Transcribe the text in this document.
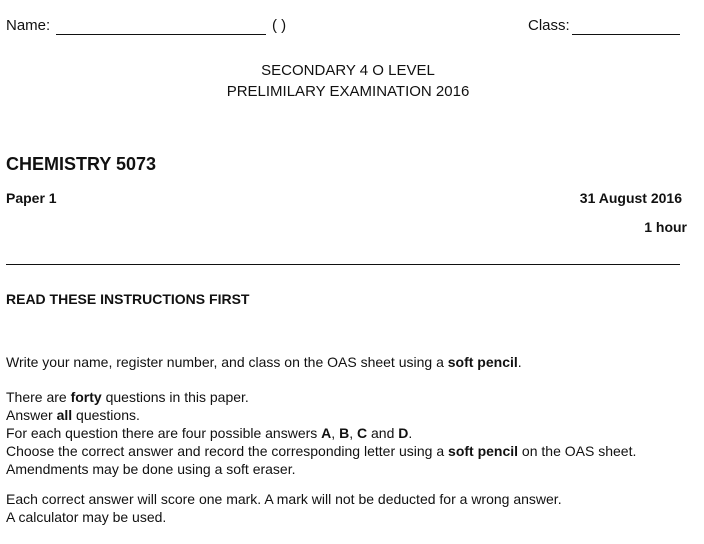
Name:	( )	Class:
SECONDARY 4 O LEVEL
PRELIMILARY EXAMINATION 2016
CHEMISTRY 5073
Paper 1	31 August 2016
1 hour
READ THESE INSTRUCTIONS FIRST
Write your name, register number, and class on the OAS sheet using a soft pencil.
There are forty questions in this paper.
Answer all questions.
For each question there are four possible answers A, B, C and D.
Choose the correct answer and record the corresponding letter using a soft pencil on the OAS sheet.
Amendments may be done using a soft eraser.
Each correct answer will score one mark. A mark will not be deducted for a wrong answer.
A calculator may be used.
